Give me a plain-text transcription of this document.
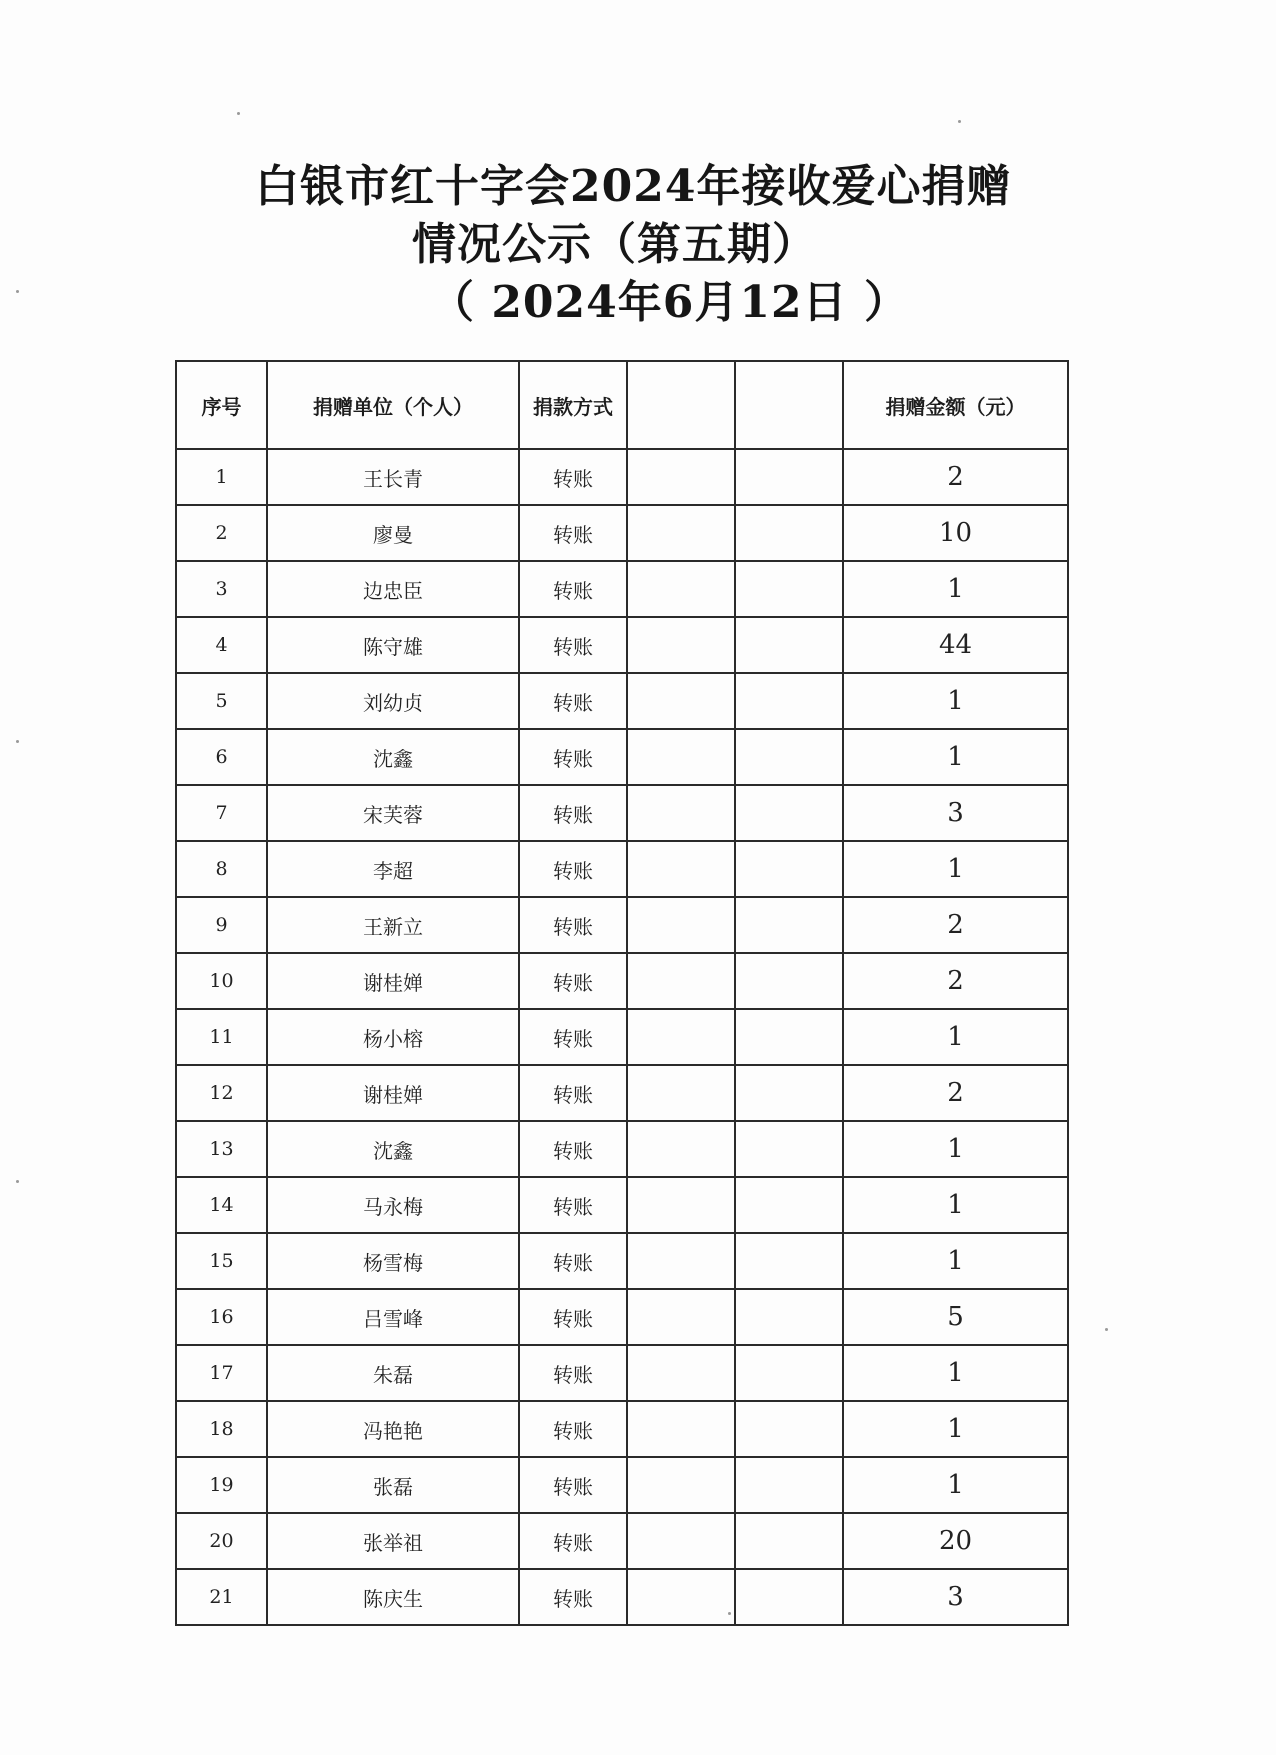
白银市红十字会2024年接收爱心捐赠
情况公示（第五期）
（ 2024年6月12日 ）
序号	捐赠单位（个人）	捐款方式			捐赠金额（元）
1	王长青	转账			2
2	廖曼	转账			10
3	边忠臣	转账			1
4	陈守雄	转账			44
5	刘幼贞	转账			1
6	沈鑫	转账			1
7	宋芙蓉	转账			3
8	李超	转账			1
9	王新立	转账			2
10	谢桂婵	转账			2
11	杨小榕	转账			1
12	谢桂婵	转账			2
13	沈鑫	转账			1
14	马永梅	转账			1
15	杨雪梅	转账			1
16	吕雪峰	转账			5
17	朱磊	转账			1
18	冯艳艳	转账			1
19	张磊	转账			1
20	张举祖	转账			20
21	陈庆生	转账			3
